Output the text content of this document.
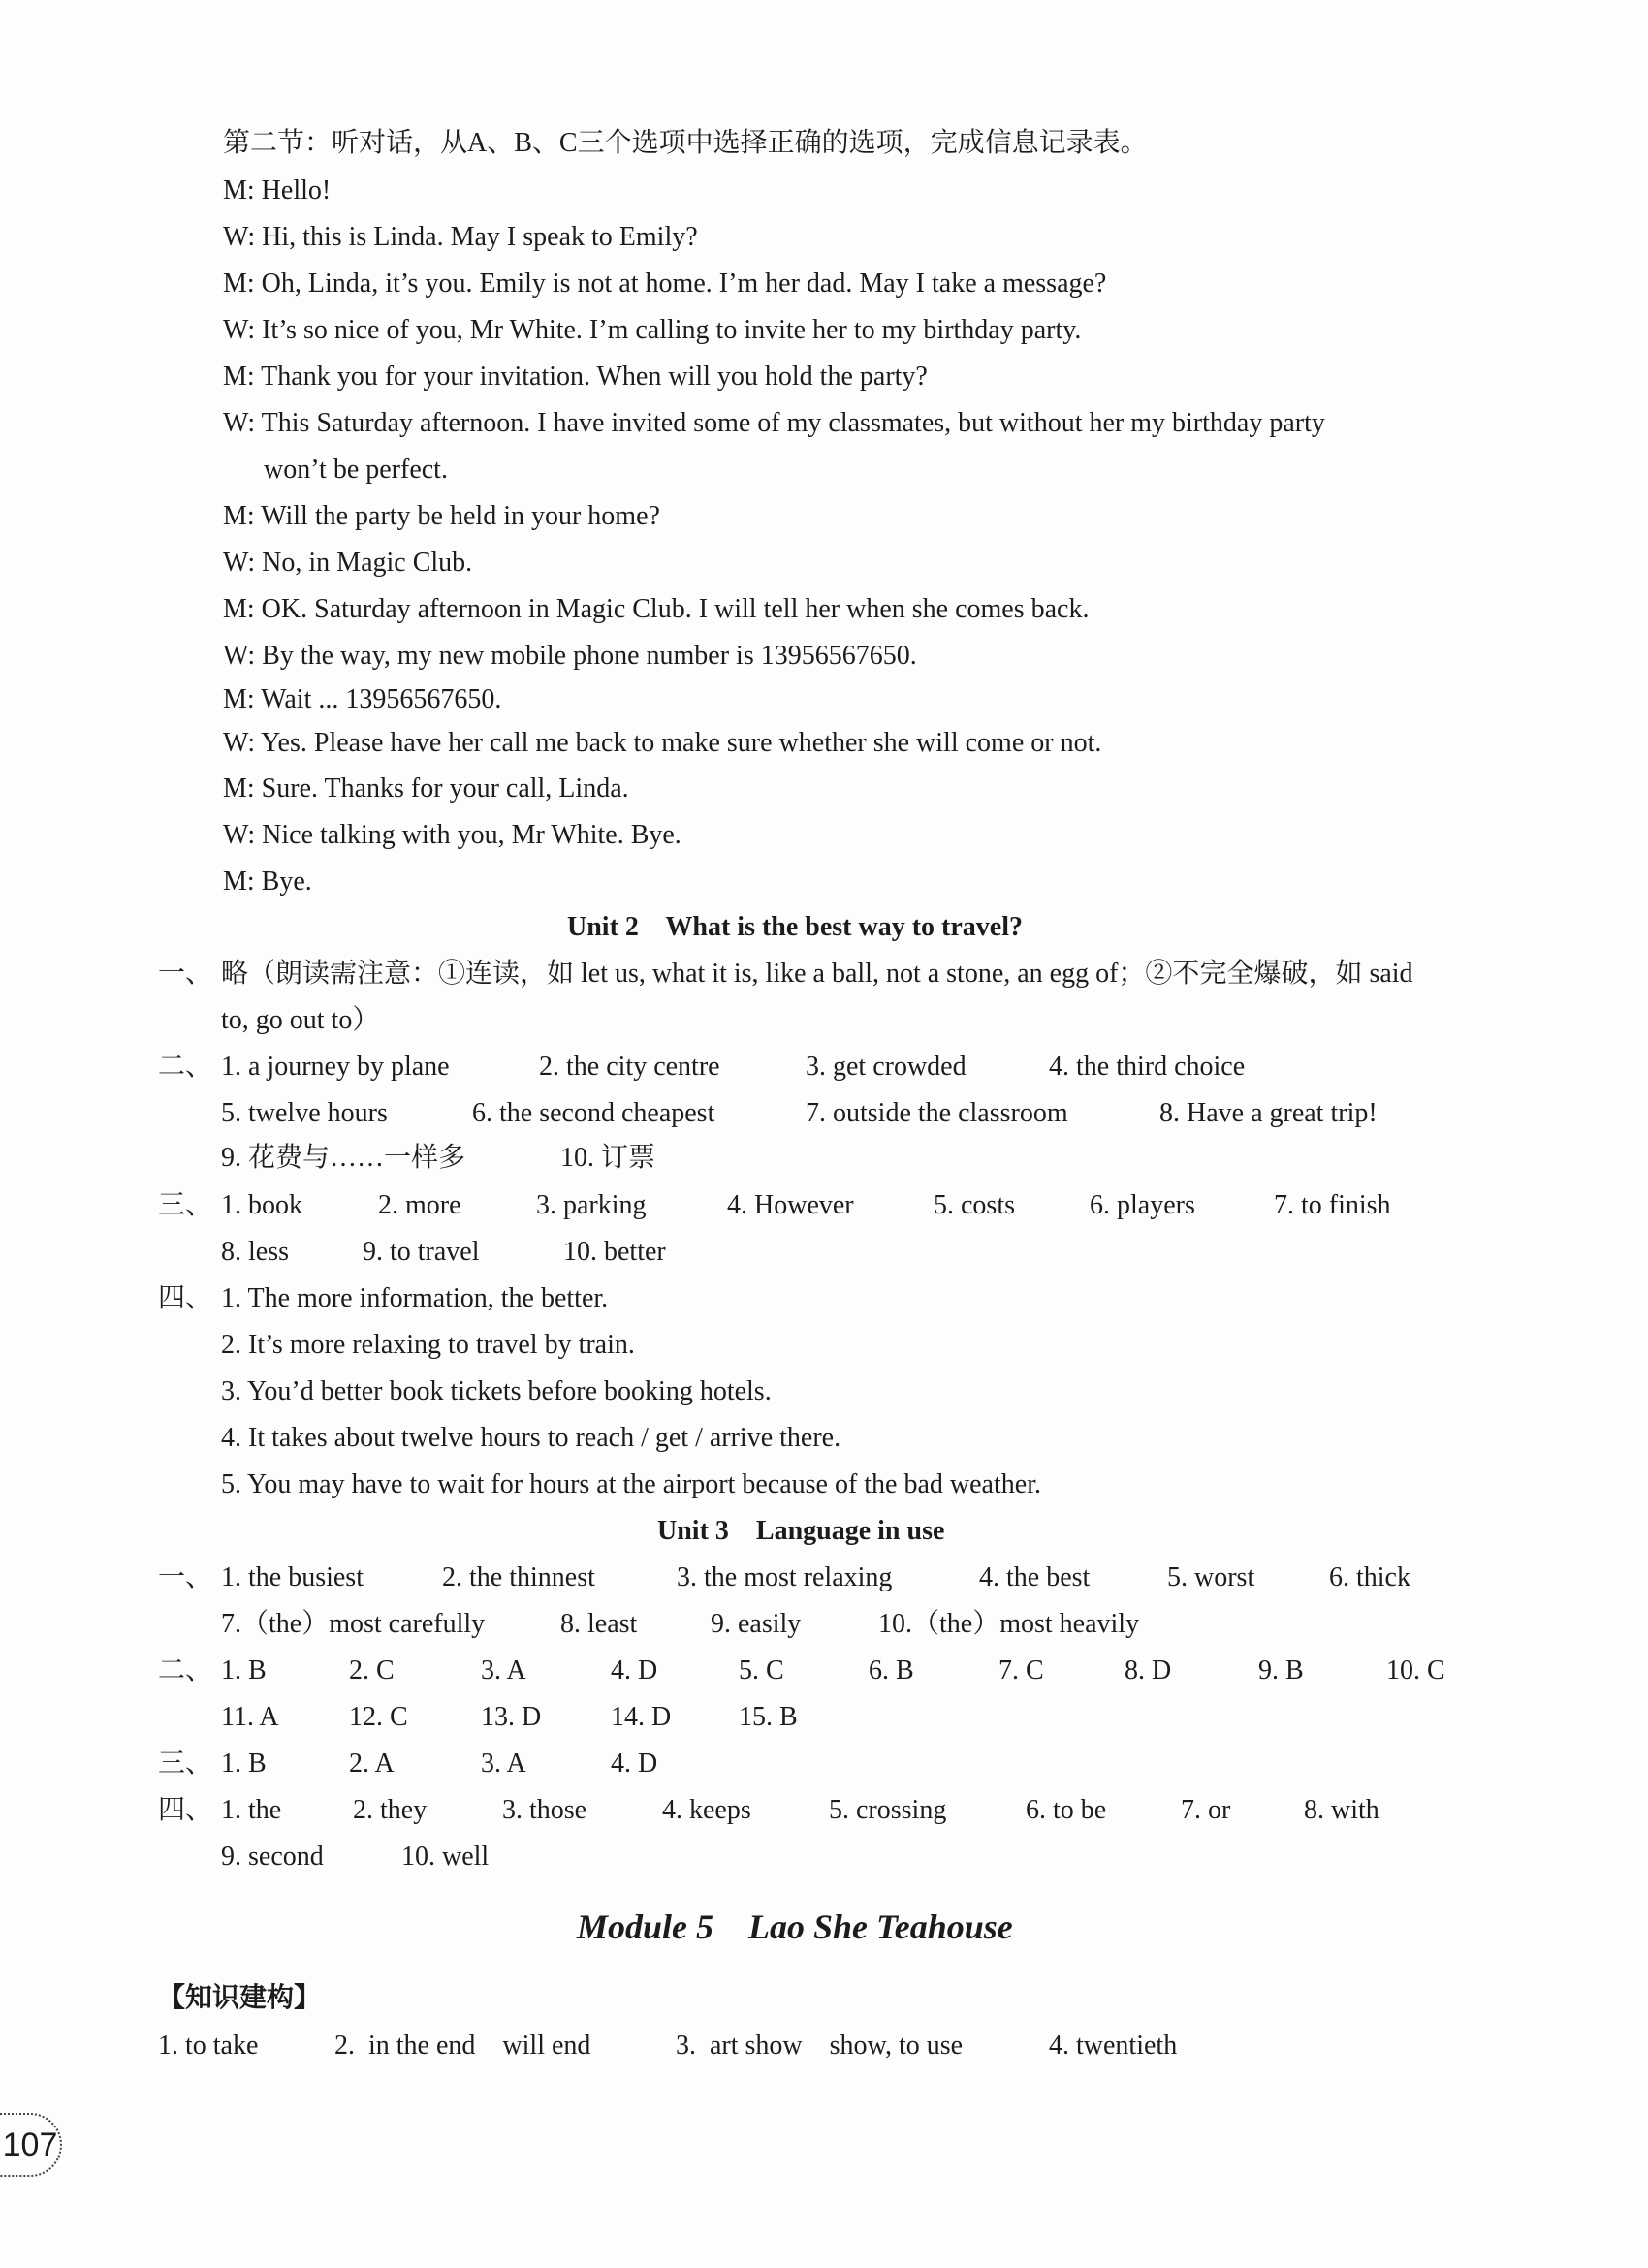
第二节：听对话，从A、B、C三个选项中选择正确的选项，完成信息记录表。
M: Hello!
W: Hi, this is Linda. May I speak to Emily?
M: Oh, Linda, it’s you. Emily is not at home. I’m her dad. May I take a message?
W: It’s so nice of you, Mr White. I’m calling to invite her to my birthday party.
M: Thank you for your invitation. When will you hold the party?
W: This Saturday afternoon. I have invited some of my classmates, but without her my birthday party
won’t be perfect.
M: Will the party be held in your home?
W: No, in Magic Club.
M: OK. Saturday afternoon in Magic Club. I will tell her when she comes back.
W: By the way, my new mobile phone number is 13956567650.
M: Wait ... 13956567650.
W: Yes. Please have her call me back to make sure whether she will come or not.
M: Sure. Thanks for your call, Linda.
W: Nice talking with you, Mr White. Bye.
M: Bye.
Unit 2    What is the best way to travel?
一、 略（朗读需注意：①连读，如 let us, what it is, like a ball, not a stone, an egg of；②不完全爆破，如 said
to, go out to）
二、 1. a journey by plane	2. the city centre	3. get crowded	4. the third choice
5. twelve hours	6. the second cheapest	7. outside the classroom	8. Have a great trip!
9. 花费与……一样多	10. 订票
三、 1. book	2. more	3. parking	4. However	5. costs	6. players	7. to finish
8. less	9. to travel	10. better
四、 1. The more information, the better.
2. It’s more relaxing to travel by train.
3. You’d better book tickets before booking hotels.
4. It takes about twelve hours to reach / get / arrive there.
5. You may have to wait for hours at the airport because of the bad weather.
Unit 3    Language in use
一、 1. the busiest	2. the thinnest	3. the most relaxing	4. the best	5. worst	6. thick
7.（the）most carefully	8. least	9. easily	10.（the）most heavily
二、 1. B	2. C	3. A	4. D	5. C	6. B	7. C	8. D	9. B	10. C
11. A	12. C	13. D	14. D 15. B
三、 1. B	2. A	3. A	4. D
四、 1. the	2. they	3. those	4. keeps	5. crossing	6. to be	7. or	8. with
9. second	10. well
Module 5    Lao She Teahouse
【知识建构】
1. to take	2.  in the end    will end	3.  art show    show, to use	4. twentieth
107
